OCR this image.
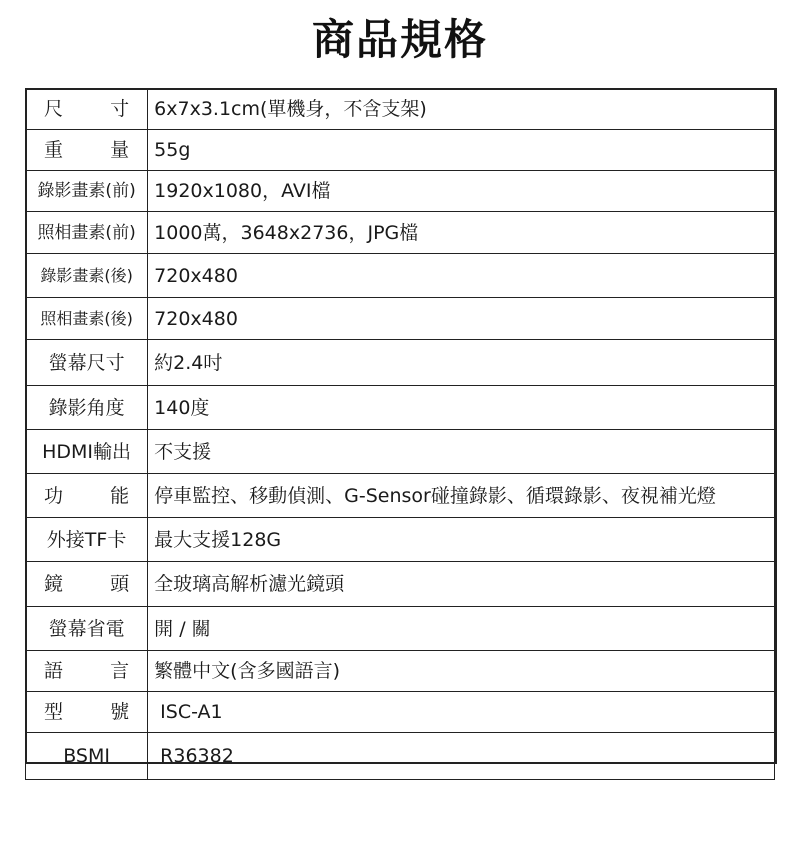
商品規格
尺寸	6x7x3.1cm(單機身，不含支架)
重量	55g
錄影畫素(前)	1920x1080，AVI檔
照相畫素(前)	1000萬，3648x2736，JPG檔
錄影畫素(後)	720x480
照相畫素(後)	720x480
螢幕尺寸	約2.4吋
錄影角度	140度
HDMI輸出	不支援
功能	停車監控、移動偵測、G-Sensor碰撞錄影、循環錄影、夜視補光燈
外接TF卡	最大支援128G
鏡頭	全玻璃高解析濾光鏡頭
螢幕省電	開 / 關
語言	繁體中文(含多國語言)
型號	ISC-A1
BSMI	R36382
